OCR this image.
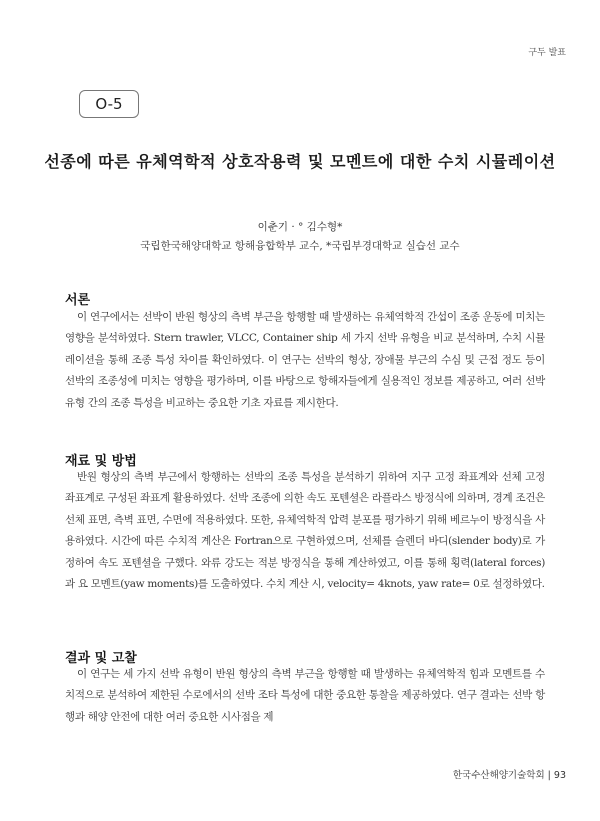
구두 발표
O-5
선종에 따른 유체역학적 상호작용력 및 모멘트에 대한 수치 시뮬레이션
이춘기 · ° 김수형*
국립한국해양대학교 항해융합학부 교수, *국립부경대학교 실습선 교수
서론
이 연구에서는 선박이 반원 형상의 측벽 부근을 항행할 때 발생하는 유체역학적 간섭이 조종 운동에 미치는 영향을 분석하였다. Stern trawler, VLCC, Container ship 세 가지 선박 유형을 비교 분석하며, 수치 시뮬레이션을 통해 조종 특성 차이를 확인하였다. 이 연구는 선박의 형상, 장애물 부근의 수심 및 근접 정도 등이 선박의 조종성에 미치는 영향을 평가하며, 이를 바탕으로 항해자들에게 실용적인 정보를 제공하고, 여러 선박 유형 간의 조종 특성을 비교하는 중요한 기초 자료를 제시한다.
재료 및 방법
반원 형상의 측벽 부근에서 항행하는 선박의 조종 특성을 분석하기 위하여 지구 고정 좌표계와 선체 고정 좌표계로 구성된 좌표계 활용하였다. 선박 조종에 의한 속도 포텐셜은 라플라스 방정식에 의하며, 경계 조건은 선체 표면, 측벽 표면, 수면에 적용하였다. 또한, 유체역학적 압력 분포를 평가하기 위해 베르누이 방정식을 사용하였다. 시간에 따른 수치적 계산은 Fortran으로 구현하였으며, 선체를 슬렌더 바디(slender body)로 가정하여 속도 포텐셜을 구했다. 와류 강도는 적분 방정식을 통해 계산하였고, 이를 통해 횡력(lateral forces)과 요 모멘트(yaw moments)를 도출하였다. 수치 계산 시, velocity= 4knots, yaw rate= 0로 설정하였다.
결과 및 고찰
이 연구는 세 가지 선박 유형이 반원 형상의 측벽 부근을 항행할 때 발생하는 유체역학적 힘과 모멘트를 수치적으로 분석하여 제한된 수로에서의 선박 조타 특성에 대한 중요한 통찰을 제공하였다. 연구 결과는 선박 항행과 해양 안전에 대한 여러 중요한 시사점을 제
한국수산해양기술학회 | 93
